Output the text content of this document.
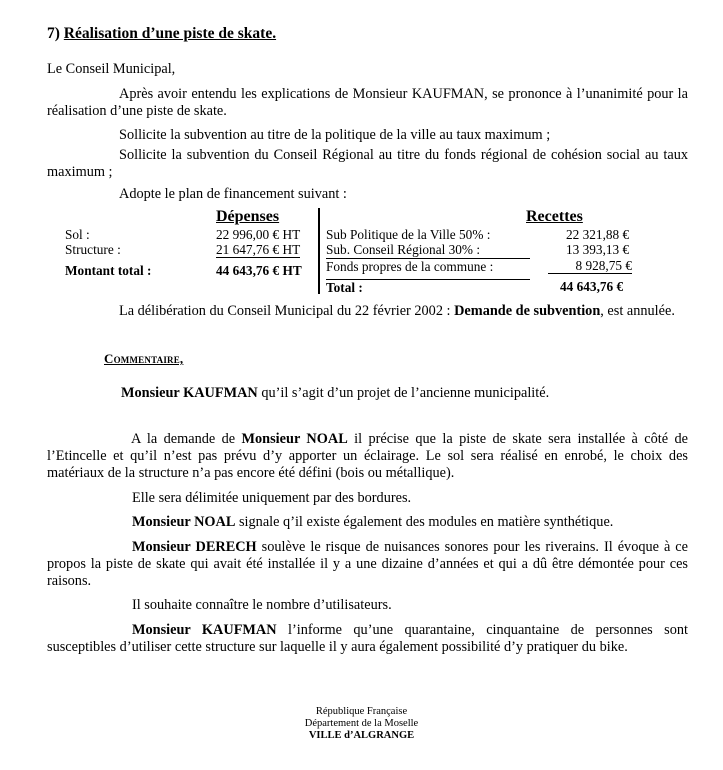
7) Réalisation d’une piste de skate.
Le Conseil Municipal,
Après avoir entendu les explications de Monsieur KAUFMAN, se prononce à l’unanimité pour la réalisation d’une piste de skate.
Sollicite la subvention au titre de la politique de la ville au taux maximum ;
Sollicite la subvention du Conseil Régional au titre du fonds régional de cohésion social au taux maximum ;
Adopte le plan de financement suivant :
Dépenses	Recettes
Sol :	22 996,00 € HT
Structure :	21 647,76 € HT
Montant total :	44 643,76 € HT
Sub Politique de la Ville 50% :	22 321,88 €
Sub. Conseil Régional 30% :	13 393,13 €
Fonds propres de la commune :	8 928,75 €
Total :	44 643,76 €
La délibération du Conseil Municipal du 22 février 2002 : Demande de subvention, est annulée.
Commentaire,
Monsieur KAUFMAN qu’il s’agit d’un projet de l’ancienne municipalité.
A la demande de Monsieur NOAL il précise que la piste de skate sera installée à côté de l’Etincelle et qu’il n’est pas prévu d’y apporter un éclairage. Le sol sera réalisé en enrobé, le choix des matériaux de la structure n’a pas encore été défini (bois ou métallique).
Elle sera délimitée uniquement par des bordures.
Monsieur NOAL signale q’il existe également des modules en matière synthétique.
Monsieur DERECH soulève le risque de nuisances sonores pour les riverains. Il évoque à ce propos la piste de skate qui avait été installée il y a une dizaine d’années et qui a dû être démontée pour ces raisons.
Il souhaite connaître le nombre d’utilisateurs.
Monsieur KAUFMAN l’informe qu’une quarantaine, cinquantaine de personnes sont susceptibles d’utiliser cette structure sur laquelle il y aura également possibilité d’y pratiquer du bike.
République Française
Département de la Moselle
VILLE d’ALGRANGE
